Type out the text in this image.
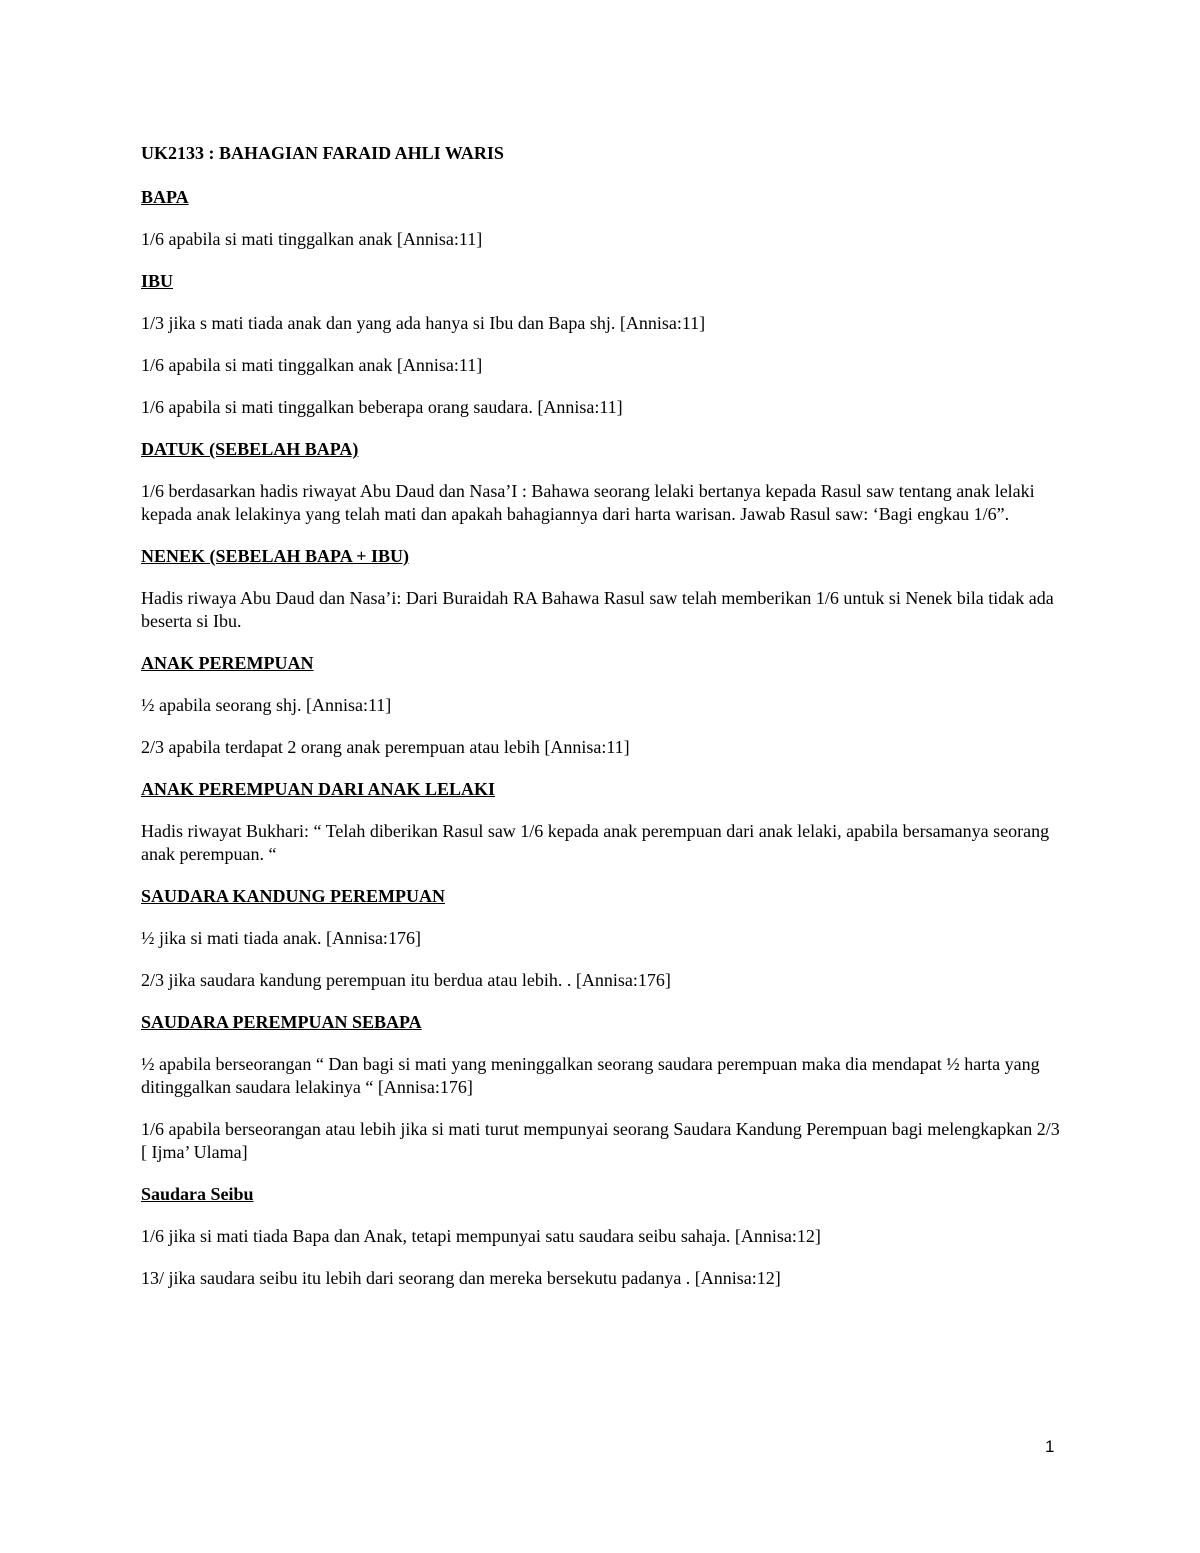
UK2133 : BAHAGIAN FARAID AHLI WARIS

BAPA

1/6 apabila si mati tinggalkan anak [Annisa:11]

IBU

1/3 jika s mati tiada anak dan yang ada hanya si Ibu dan Bapa shj. [Annisa:11]

1/6 apabila si mati tinggalkan anak [Annisa:11]

1/6 apabila si mati tinggalkan beberapa orang saudara. [Annisa:11]

DATUK (SEBELAH BAPA)

1/6 berdasarkan hadis riwayat Abu Daud dan Nasa’I : Bahawa seorang lelaki bertanya kepada Rasul saw tentang anak lelaki kepada anak lelakinya yang telah mati dan apakah bahagiannya dari harta warisan. Jawab Rasul saw: ‘Bagi engkau 1/6”.

NENEK (SEBELAH BAPA + IBU)

Hadis riwaya Abu Daud dan Nasa’i: Dari Buraidah RA Bahawa Rasul saw telah memberikan 1/6 untuk si Nenek bila tidak ada beserta si Ibu.

ANAK PEREMPUAN

½ apabila seorang shj. [Annisa:11]

2/3 apabila terdapat 2 orang anak perempuan atau lebih [Annisa:11]

ANAK PEREMPUAN DARI ANAK LELAKI

Hadis riwayat Bukhari: “ Telah diberikan Rasul saw 1/6 kepada anak perempuan dari anak lelaki, apabila bersamanya seorang anak perempuan. “

SAUDARA KANDUNG PEREMPUAN

½ jika si mati tiada anak. [Annisa:176]

2/3 jika saudara kandung perempuan itu berdua atau lebih. . [Annisa:176]

SAUDARA PEREMPUAN SEBAPA

½ apabila berseorangan “ Dan bagi si mati yang meninggalkan seorang saudara perempuan maka dia mendapat ½ harta yang ditinggalkan saudara lelakinya “ [Annisa:176]

1/6 apabila berseorangan atau lebih jika si mati turut mempunyai seorang Saudara Kandung Perempuan bagi melengkapkan 2/3 [ Ijma’ Ulama]

Saudara Seibu

1/6 jika si mati tiada Bapa dan Anak, tetapi mempunyai satu saudara seibu sahaja. [Annisa:12]

13/ jika saudara seibu itu lebih dari seorang dan mereka bersekutu padanya . [Annisa:12]

1
